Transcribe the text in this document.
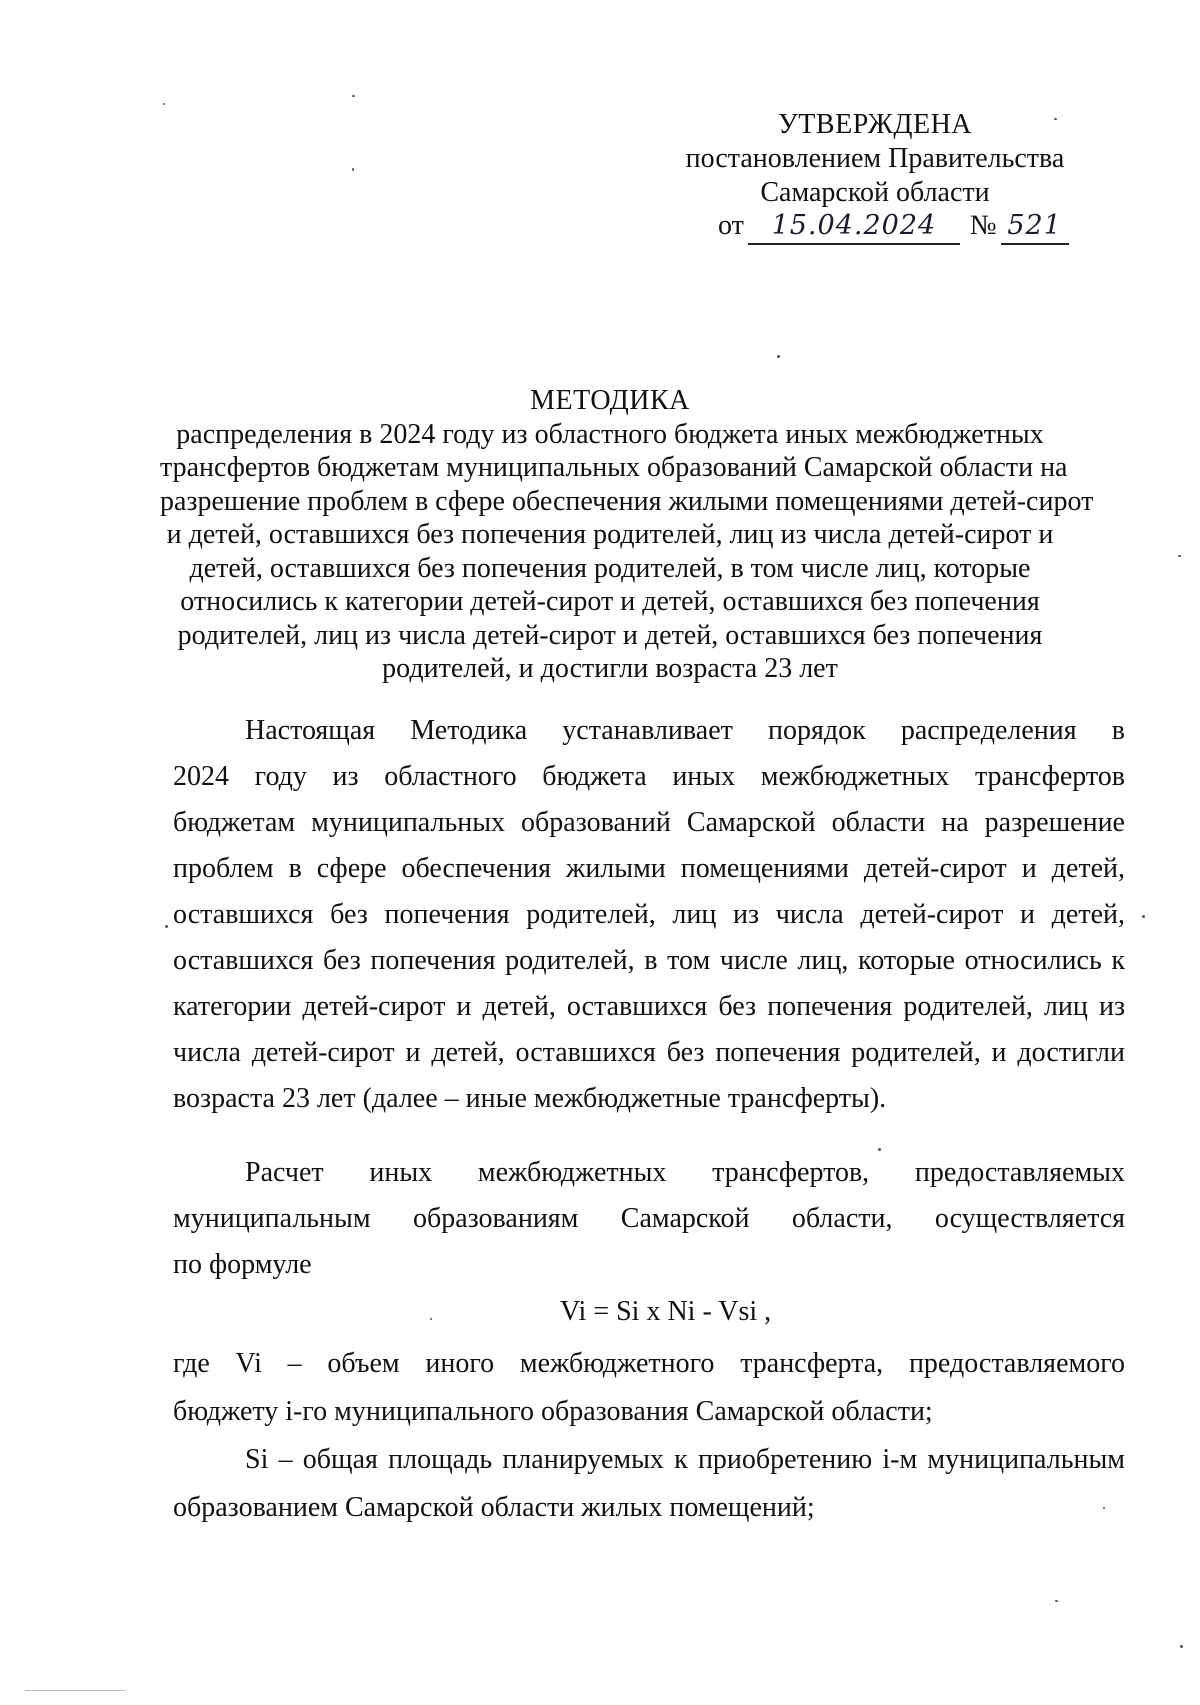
УТВЕРЖДЕНА
постановлением Правительства
Самарской области
от 15.04.2024 № 521
МЕТОДИКА
распределения в 2024 году из областного бюджета иных межбюджетных
трансфертов бюджетам муниципальных образований Самарской области на
разрешение проблем в сфере обеспечения жилыми помещениями детей-сирот
и детей, оставшихся без попечения родителей, лиц из числа детей-сирот и
детей, оставшихся без попечения родителей, в том числе лиц, которые
относились к категории детей-сирот и детей, оставшихся без попечения
родителей, лиц из числа детей-сирот и детей, оставшихся без попечения
родителей, и достигли возраста 23 лет
Настоящая Методика устанавливает порядок распределения в
2024 году из областного бюджета иных межбюджетных трансфертов
бюджетам муниципальных образований Самарской области на разрешение
проблем в сфере обеспечения жилыми помещениями детей-сирот и детей,
оставшихся без попечения родителей, лиц из числа детей-сирот и детей,
оставшихся без попечения родителей, в том числе лиц, которые относились к
категории детей-сирот и детей, оставшихся без попечения родителей, лиц из
числа детей-сирот и детей, оставшихся без попечения родителей, и достигли
возраста 23 лет (далее – иные межбюджетные трансферты).
Расчет иных межбюджетных трансфертов, предоставляемых
муниципальным образованиям Самарской области, осуществляется
по формуле
Vi = Si x Ni - Vsi ,
где Vi – объем иного межбюджетного трансферта, предоставляемого
бюджету i-го муниципального образования Самарской области;
Si – общая площадь планируемых к приобретению i-м муниципальным
образованием Самарской области жилых помещений;
